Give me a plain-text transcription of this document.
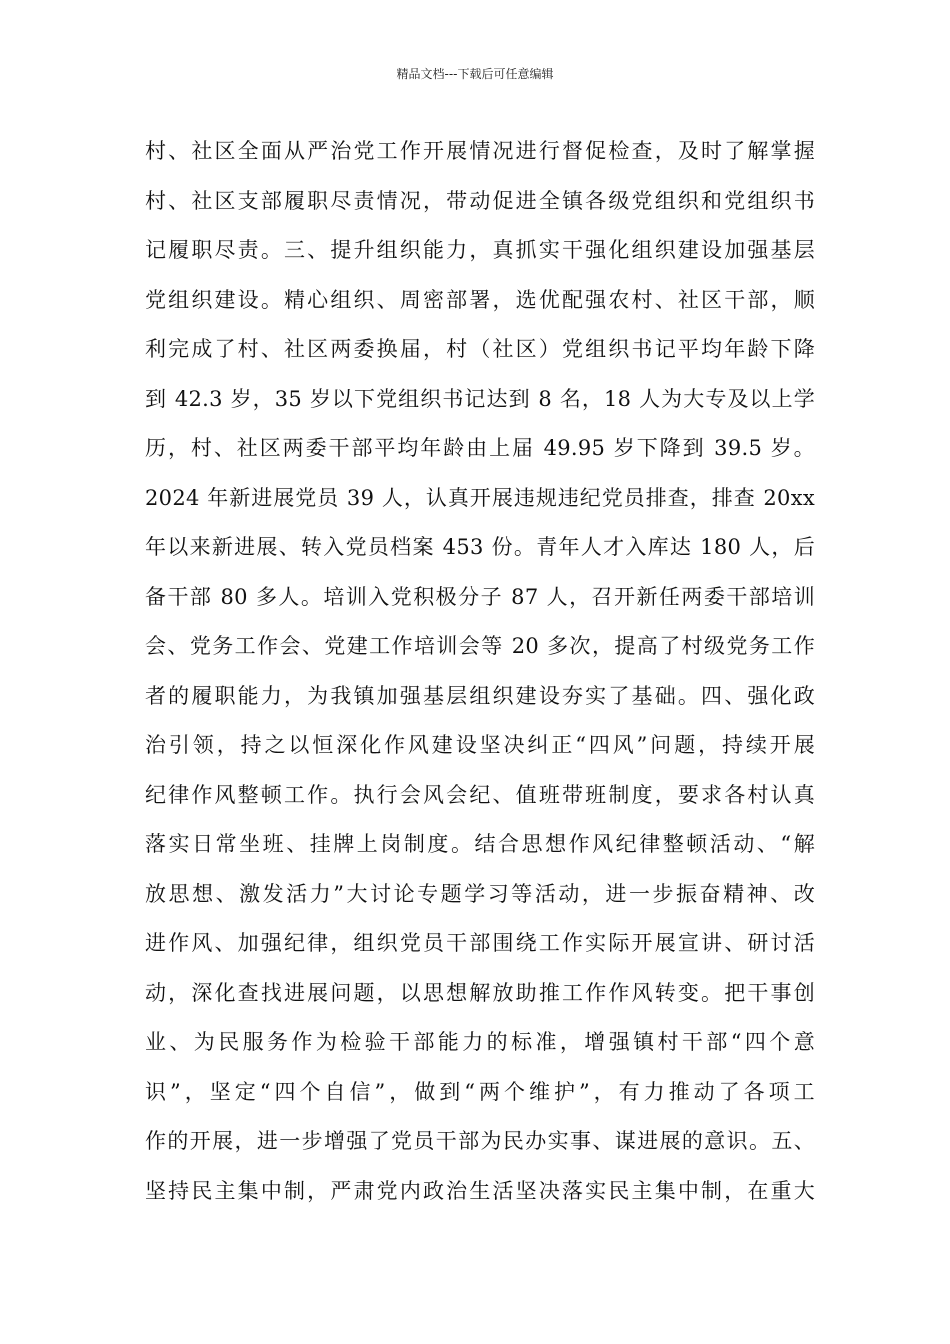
精品文档---下载后可任意编辑
村、社区全面从严治党工作开展情况进行督促检查，及时了解掌握
村、社区支部履职尽责情况，带动促进全镇各级党组织和党组织书
记履职尽责。三、提升组织能力，真抓实干强化组织建设加强基层
党组织建设。精心组织、周密部署，选优配强农村、社区干部，顺
利完成了村、社区两委换届，村（社区）党组织书记平均年龄下降
到 42.3 岁，35 岁以下党组织书记达到 8 名，18 人为大专及以上学
历，村、社区两委干部平均年龄由上届 49.95 岁下降到 39.5 岁。
2024 年新进展党员 39 人，认真开展违规违纪党员排查，排查 20xx
年以来新进展、转入党员档案 453 份。青年人才入库达 180 人，后
备干部 80 多人。培训入党积极分子 87 人，召开新任两委干部培训
会、党务工作会、党建工作培训会等 20 多次，提高了村级党务工作
者的履职能力，为我镇加强基层组织建设夯实了基础。四、强化政
治引领，持之以恒深化作风建设坚决纠正“四风”问题，持续开展
纪律作风整顿工作。执行会风会纪、值班带班制度，要求各村认真
落实日常坐班、挂牌上岗制度。结合思想作风纪律整顿活动、“解
放思想、激发活力”大讨论专题学习等活动，进一步振奋精神、改
进作风、加强纪律，组织党员干部围绕工作实际开展宣讲、研讨活
动，深化查找进展问题，以思想解放助推工作作风转变。把干事创
业、为民服务作为检验干部能力的标准，增强镇村干部“四个意
识”，坚定“四个自信”，做到“两个维护”，有力推动了各项工
作的开展，进一步增强了党员干部为民办实事、谋进展的意识。五、
坚持民主集中制，严肃党内政治生活坚决落实民主集中制，在重大
